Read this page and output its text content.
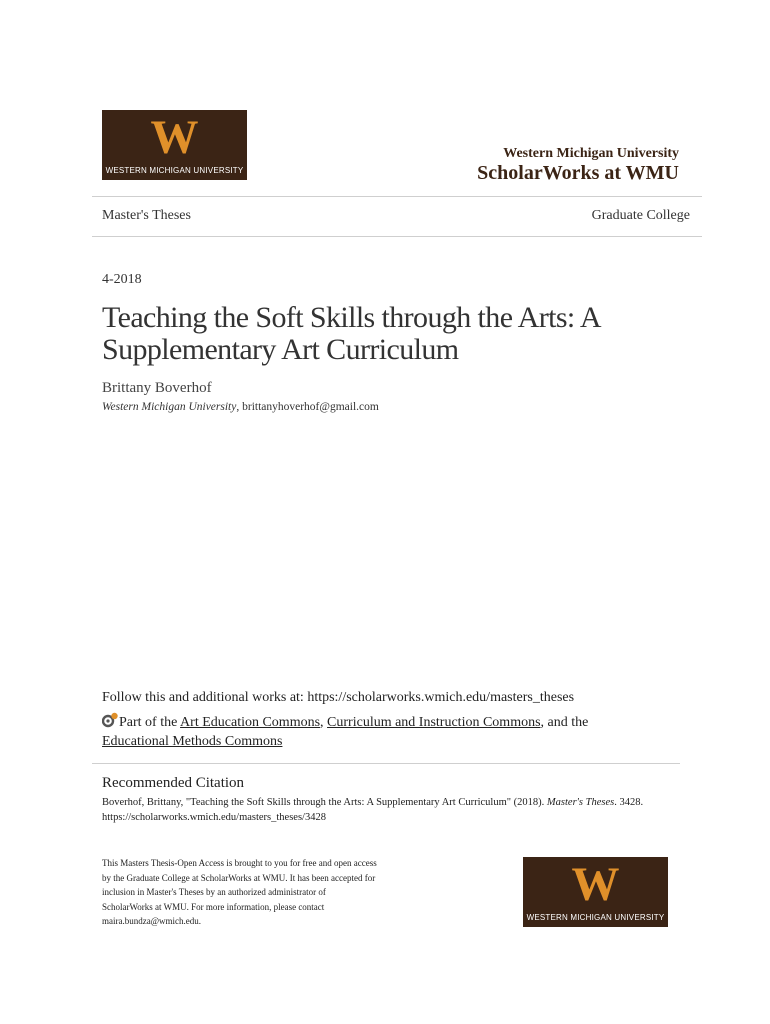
W
WESTERN MICHIGAN UNIVERSITY
Western Michigan University
ScholarWorks at WMU
Master's Theses	Graduate College
4-2018
Teaching the Soft Skills through the Arts: A
Supplementary Art Curriculum
Brittany Boverhof
Western Michigan University, brittanyhoverhof@gmail.com
Follow this and additional works at: https://scholarworks.wmich.edu/masters_theses
Part of the Art Education Commons, Curriculum and Instruction Commons, and the
Educational Methods Commons
Recommended Citation
Boverhof, Brittany, "Teaching the Soft Skills through the Arts: A Supplementary Art Curriculum" (2018). Master's Theses. 3428.
https://scholarworks.wmich.edu/masters_theses/3428
This Masters Thesis-Open Access is brought to you for free and open access
by the Graduate College at ScholarWorks at WMU. It has been accepted for
inclusion in Master's Theses by an authorized administrator of
ScholarWorks at WMU. For more information, please contact
maira.bundza@wmich.edu.
W
WESTERN MICHIGAN UNIVERSITY
